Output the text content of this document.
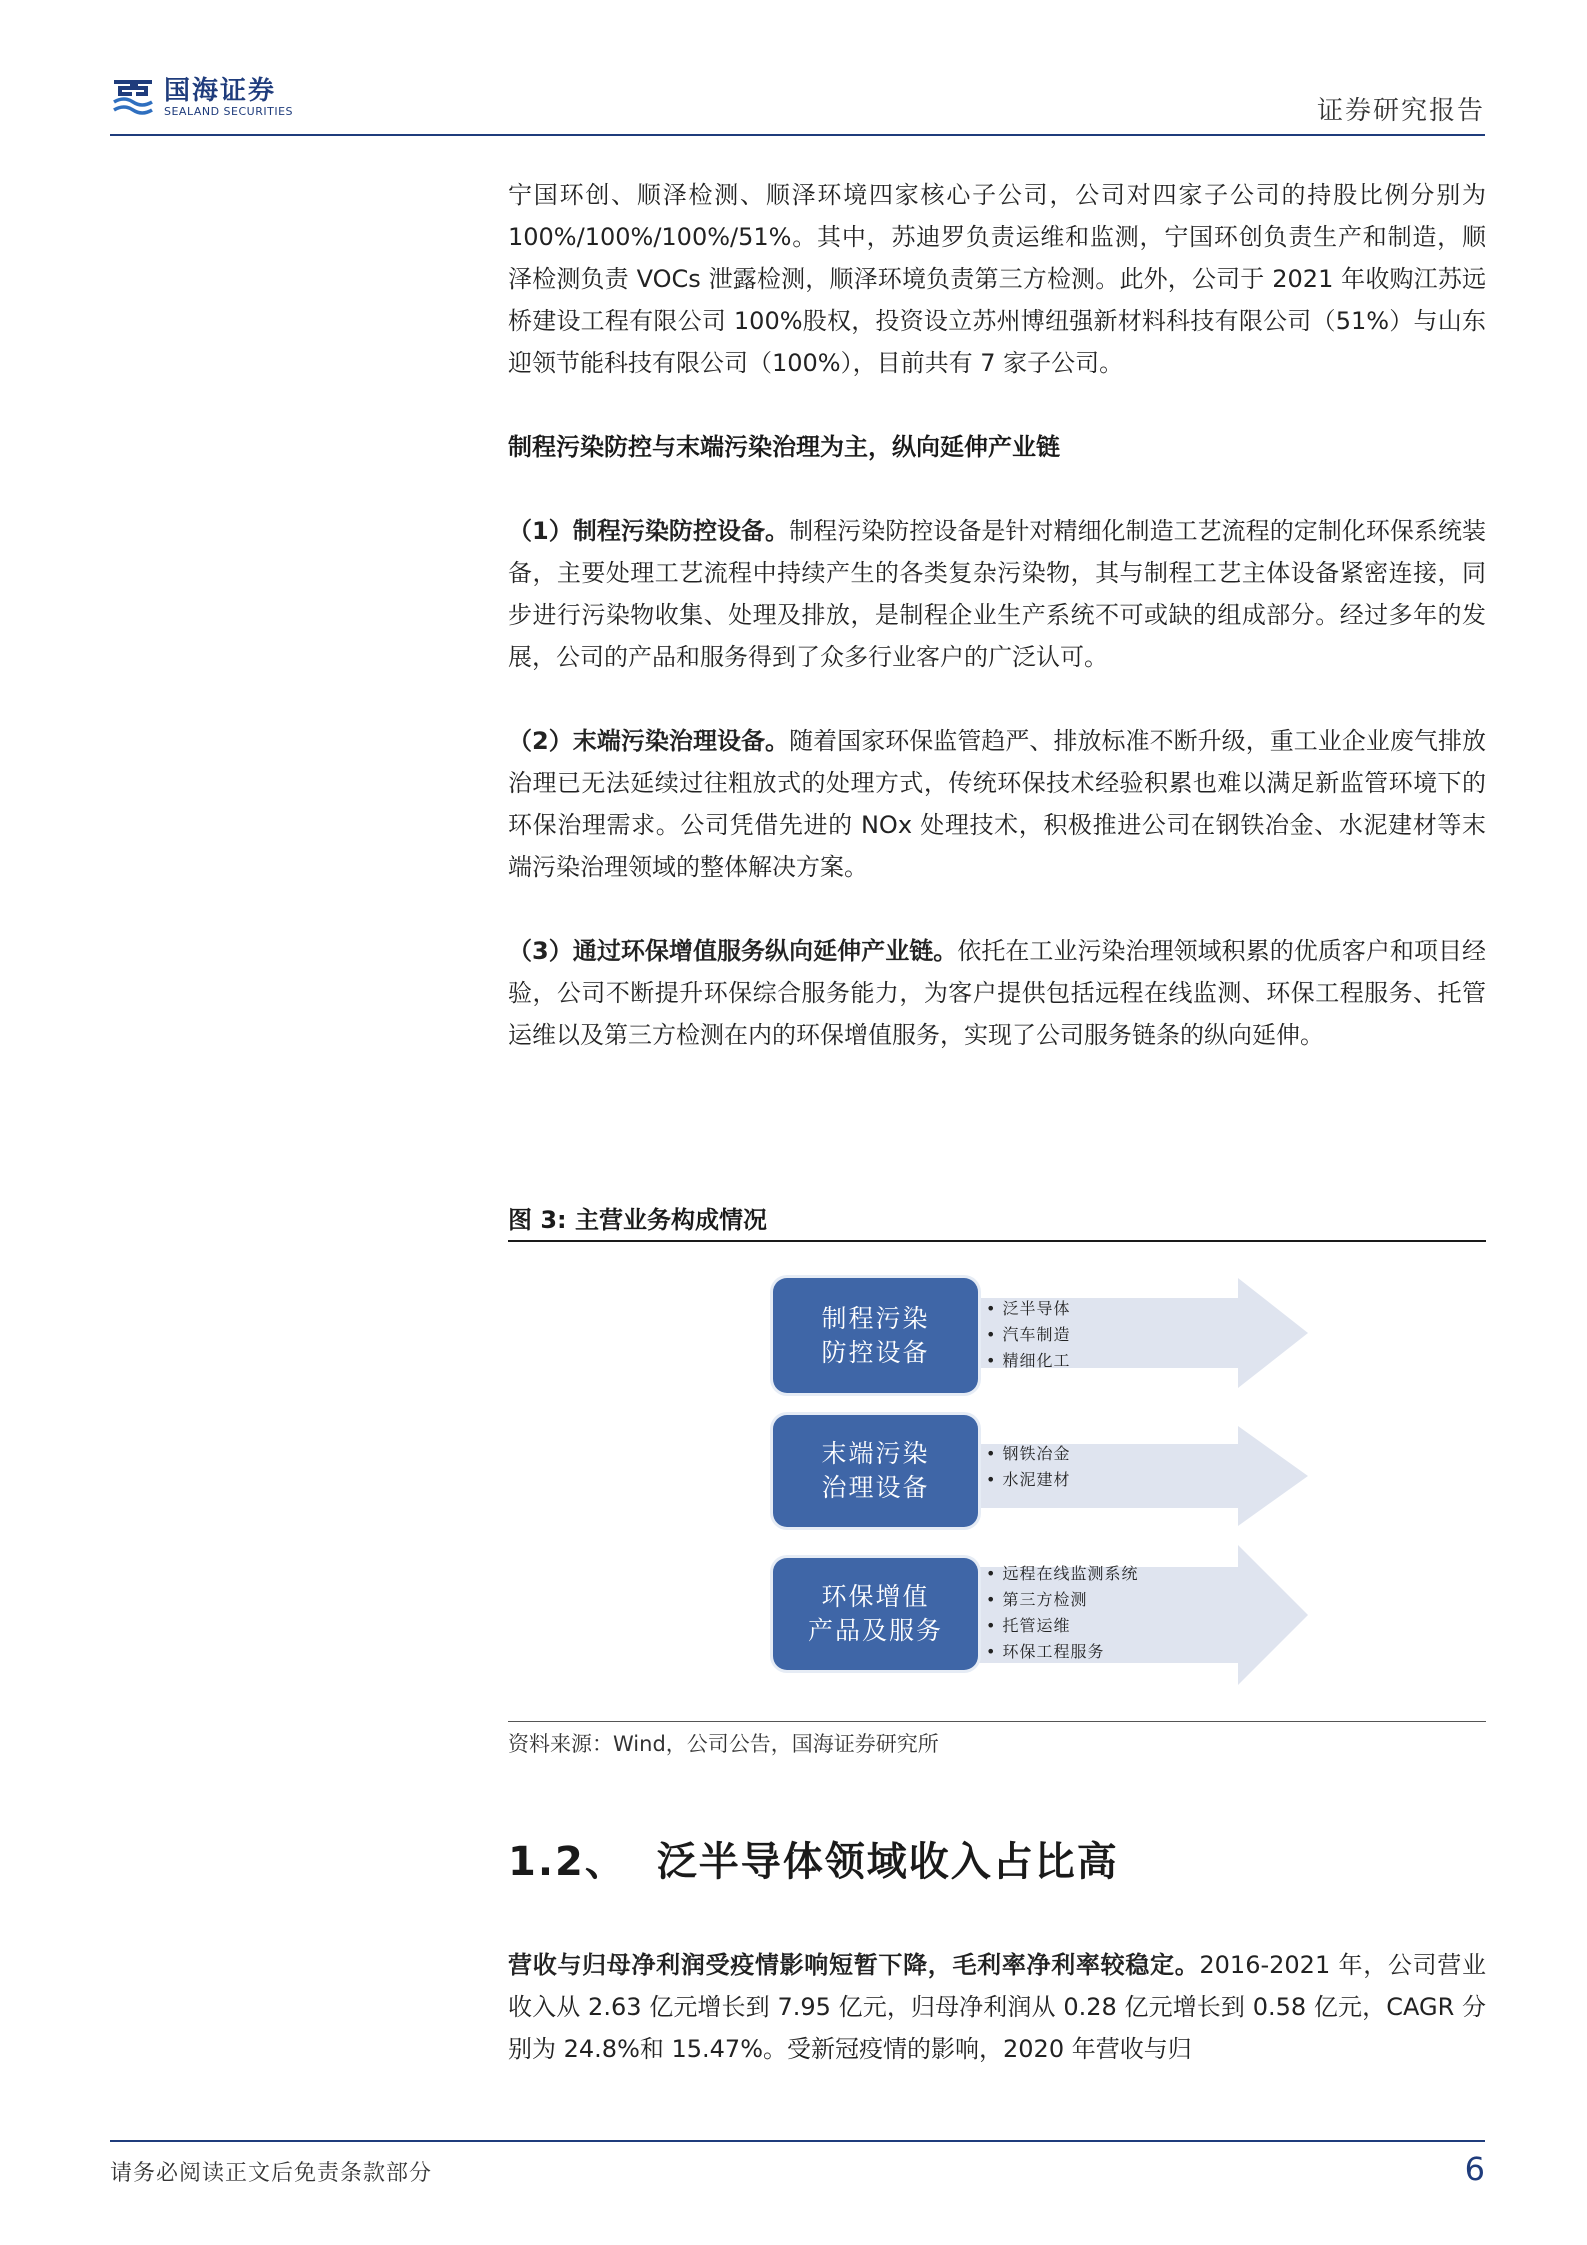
国海证券
SEALAND SECURITIES	证券研究报告

宁国环创、顺泽检测、顺泽环境四家核心子公司，公司对四家子公司的持股比例分别为 100%/100%/100%/51%。其中，苏迪罗负责运维和监测，宁国环创负责生产和制造，顺泽检测负责 VOCs 泄露检测，顺泽环境负责第三方检测。此外，公司于 2021 年收购江苏远桥建设工程有限公司 100%股权，投资设立苏州博纽强新材料科技有限公司（51%）与山东迎领节能科技有限公司（100%），目前共有 7 家子公司。

制程污染防控与末端污染治理为主，纵向延伸产业链

（1）制程污染防控设备。制程污染防控设备是针对精细化制造工艺流程的定制化环保系统装备，主要处理工艺流程中持续产生的各类复杂污染物，其与制程工艺主体设备紧密连接，同步进行污染物收集、处理及排放，是制程企业生产系统不可或缺的组成部分。经过多年的发展，公司的产品和服务得到了众多行业客户的广泛认可。

（2）末端污染治理设备。随着国家环保监管趋严、排放标准不断升级，重工业企业废气排放治理已无法延续过往粗放式的处理方式，传统环保技术经验积累也难以满足新监管环境下的环保治理需求。公司凭借先进的 NOx 处理技术，积极推进公司在钢铁冶金、水泥建材等末端污染治理领域的整体解决方案。

（3）通过环保增值服务纵向延伸产业链。依托在工业污染治理领域积累的优质客户和项目经验，公司不断提升环保综合服务能力，为客户提供包括远程在线监测、环保工程服务、托管运维以及第三方检测在内的环保增值服务，实现了公司服务链条的纵向延伸。

图 3: 主营业务构成情况
制程污染
防控设备
• 泛半导体
• 汽车制造
• 精细化工
末端污染
治理设备
• 钢铁冶金
• 水泥建材
环保增值
产品及服务
• 远程在线监测系统
• 第三方检测
• 托管运维
• 环保工程服务
资料来源：Wind，公司公告，国海证券研究所
1.2、 泛半导体领域收入占比高

营收与归母净利润受疫情影响短暂下降，毛利率净利率较稳定。2016-2021 年，公司营业收入从 2.63 亿元增长到 7.95 亿元，归母净利润从 0.28 亿元增长到 0.58 亿元，CAGR 分别为 24.8%和 15.47%。受新冠疫情的影响，2020 年营收与归

请务必阅读正文后免责条款部分	6
